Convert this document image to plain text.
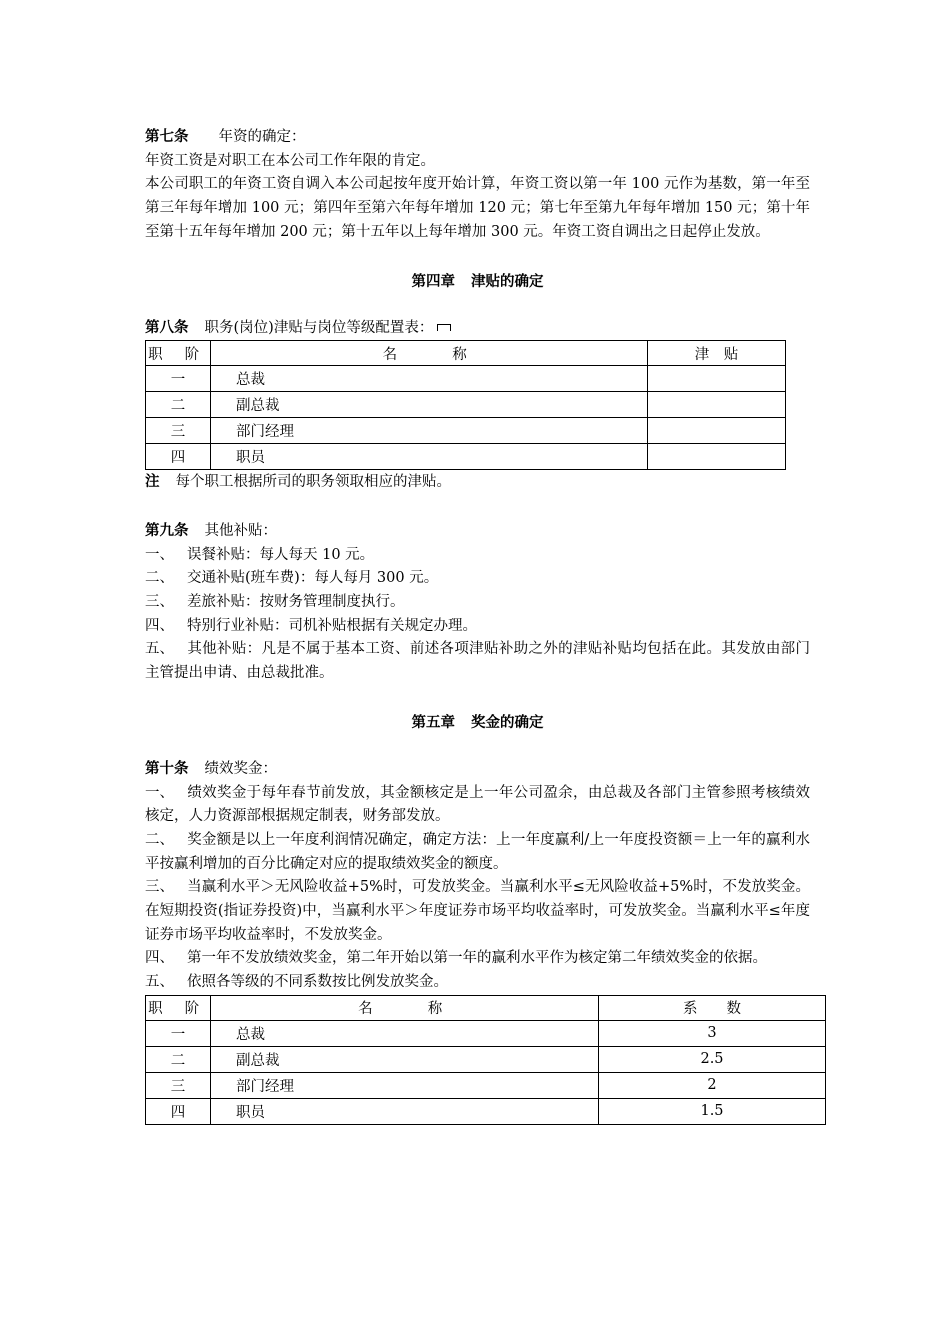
第七条 年资的确定：

年资工资是对职工在本公司工作年限的肯定。

本公司职工的年资工资自调入本公司起按年度开始计算，年资工资以第一年 100 元作为基数，第一年至第三年每年增加 100 元；第四年至第六年每年增加 120 元；第七年至第九年每年增加 150 元；第十年至第十五年每年增加 200 元；第十五年以上每年增加 300 元。年资工资自调出之日起停止发放。

第四章 津贴的确定

第八条 职务(岗位)津贴与岗位等级配置表：

职 阶	名　　称	津　贴
一	总裁	
二	副总裁	
三	部门经理	
四	职员	

注 每个职工根据所司的职务领取相应的津贴。

第九条 其他补贴：

一、 误餐补贴：每人每天 10 元。

二、 交通补贴(班车费)：每人每月 300 元。

三、 差旅补贴：按财务管理制度执行。

四、 特别行业补贴：司机补贴根据有关规定办理。

五、 其他补贴：凡是不属于基本工资、前述各项津贴补助之外的津贴补贴均包括在此。其发放由部门主管提出申请、由总裁批准。

第五章 奖金的确定

第十条 绩效奖金：

一、 绩效奖金于每年春节前发放，其金额核定是上一年公司盈余，由总裁及各部门主管参照考核绩效核定，人力资源部根据规定制表，财务部发放。

二、 奖金额是以上一年度利润情况确定，确定方法：上一年度赢利/上一年度投资额＝上一年的赢利水平按赢利增加的百分比确定对应的提取绩效奖金的额度。

三、 当赢利水平＞无风险收益+5%时，可发放奖金。当赢利水平≤无风险收益+5%时，不发放奖金。在短期投资(指证券投资)中，当赢利水平＞年度证券市场平均收益率时，可发放奖金。当赢利水平≤年度证券市场平均收益率时，不发放奖金。

四、 第一年不发放绩效奖金，第二年开始以第一年的赢利水平作为核定第二年绩效奖金的依据。

五、 依照各等级的不同系数按比例发放奖金。

职 阶	名　　称	系　　数
一	总裁	3
二	副总裁	2.5
三	部门经理	2
四	职员	1.5
